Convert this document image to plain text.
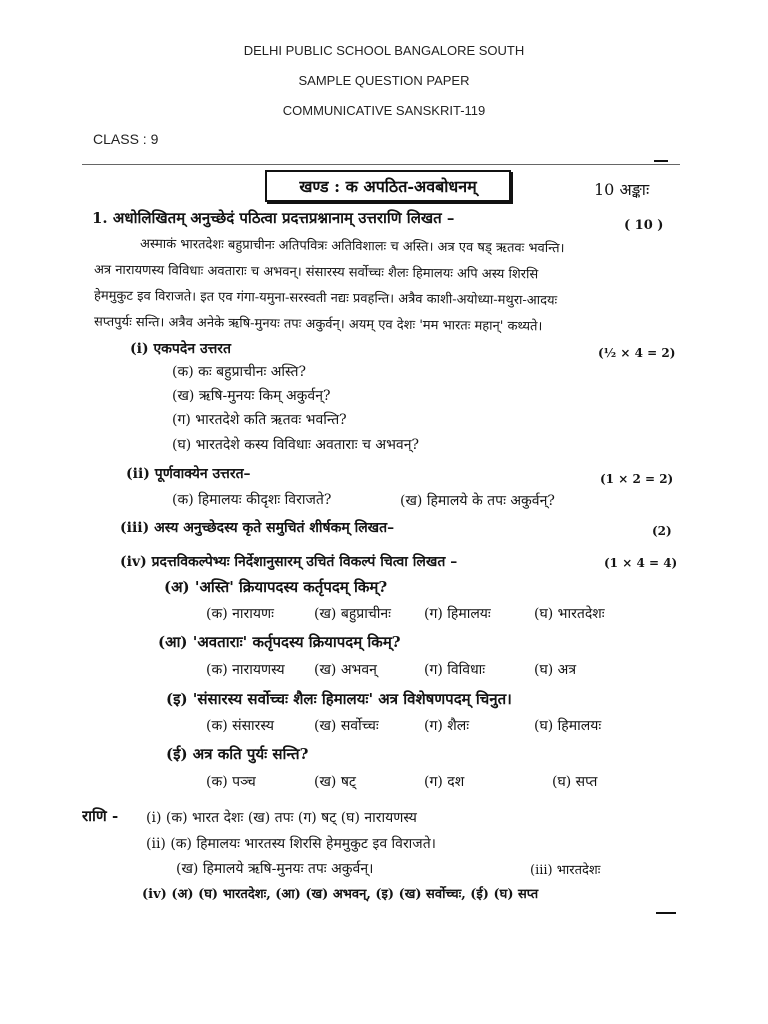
DELHI PUBLIC SCHOOL BANGALORE SOUTH
SAMPLE QUESTION PAPER
COMMUNICATIVE SANSKRIT-119
CLASS : 9
खण्ड : क अपठित-अवबोधनम्	10 अङ्काः
1. अधोलिखितम् अनुच्छेदं पठित्वा प्रदत्तप्रश्नानाम् उत्तराणि लिखत –	( 10 )
अस्माकं भारतदेशः बहुप्राचीनः अतिपवित्रः अतिविशालः च अस्ति। अत्र एव षड् ऋतवः भवन्ति।
अत्र नारायणस्य विविधाः अवताराः च अभवन्। संसारस्य सर्वोच्चः शैलः हिमालयः अपि अस्य शिरसि
हेममुकुट इव विराजते। इत एव गंगा-यमुना-सरस्वती नद्यः प्रवहन्ति। अत्रैव काशी-अयोध्या-मथुरा-आदयः
सप्तपुर्यः सन्ति। अत्रैव अनेके ऋषि-मुनयः तपः अकुर्वन्। अयम् एव देशः 'मम भारतः महान्' कथ्यते।
(i) एकपदेन उत्तरत	(½ × 4 = 2)
(क) कः बहुप्राचीनः अस्ति?
(ख) ऋषि-मुनयः किम् अकुर्वन्?
(ग) भारतदेशे कति ऋतवः भवन्ति?
(घ) भारतदेशे कस्य विविधाः अवताराः च अभवन्?
(ii) पूर्णवाक्येन उत्तरत–	(1 × 2 = 2)
(क) हिमालयः कीदृशः विराजते?	(ख) हिमालये के तपः अकुर्वन्?
(iii) अस्य अनुच्छेदस्य कृते समुचितं शीर्षकम् लिखत–	(2)
(iv) प्रदत्तविकल्पेभ्यः निर्देशानुसारम् उचितं विकल्पं चित्वा लिखत –	(1 × 4 = 4)
(अ) 'अस्ति' क्रियापदस्य कर्तृपदम् किम्?
(क) नारायणः	(ख) बहुप्राचीनः (ग) हिमालयः	(घ) भारतदेशः
(आ) 'अवताराः' कर्तृपदस्य क्रियापदम् किम्?
(क) नारायणस्य (ख) अभवन्	(ग) विविधाः	(घ) अत्र
(इ) 'संसारस्य सर्वोच्चः शैलः हिमालयः' अत्र विशेषणपदम् चिनुत।
(क) संसारस्य	(ख) सर्वोच्चः	(ग) शैलः	(घ) हिमालयः
(ई) अत्र कति पुर्यः सन्ति?
(क) पञ्च	(ख) षट्	(ग) दश	(घ) सप्त
राणि - (i) (क) भारत देशः (ख) तपः (ग) षट् (घ) नारायणस्य
(ii) (क) हिमालयः भारतस्य शिरसि हेममुकुट इव विराजते।
(ख) हिमालये ऋषि-मुनयः तपः अकुर्वन्।	(iii) भारतदेशः
(iv) (अ) (घ) भारतदेशः, (आ) (ख) अभवन्, (इ) (ख) सर्वोच्चः, (ई) (घ) सप्त
